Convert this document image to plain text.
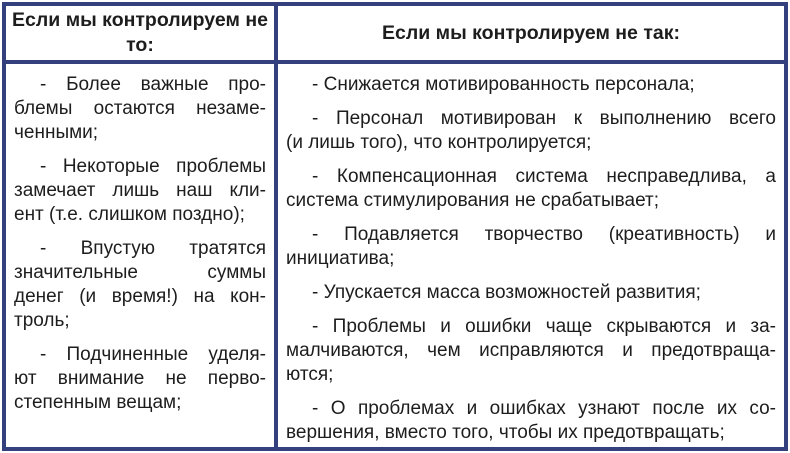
Если мы контролируем не то:
Если мы контролируем не так:
- Более важные про-
блемы остаются незаме-
ченными;
- Некоторые проблемы
замечает лишь наш кли-
ент (т.е. слишком поздно);
- Впустую тратятся
значительные суммы
денег (и время!) на кон-
троль;
- Подчиненные уделя-
ют внимание не перво-
степенным вещам;
- Снижается мотивированность персонала;
- Персонал мотивирован к выполнению всего
(и лишь того), что контролируется;
- Компенсационная система несправедлива, а
система стимулирования не срабатывает;
- Подавляется творчество (креативность) и
инициатива;
- Упускается масса возможностей развития;
- Проблемы и ошибки чаще скрываются и за-
малчиваются, чем исправляются и предотвраща-
ются;
- О проблемах и ошибках узнают после их со-
вершения, вместо того, чтобы их предотвращать;
